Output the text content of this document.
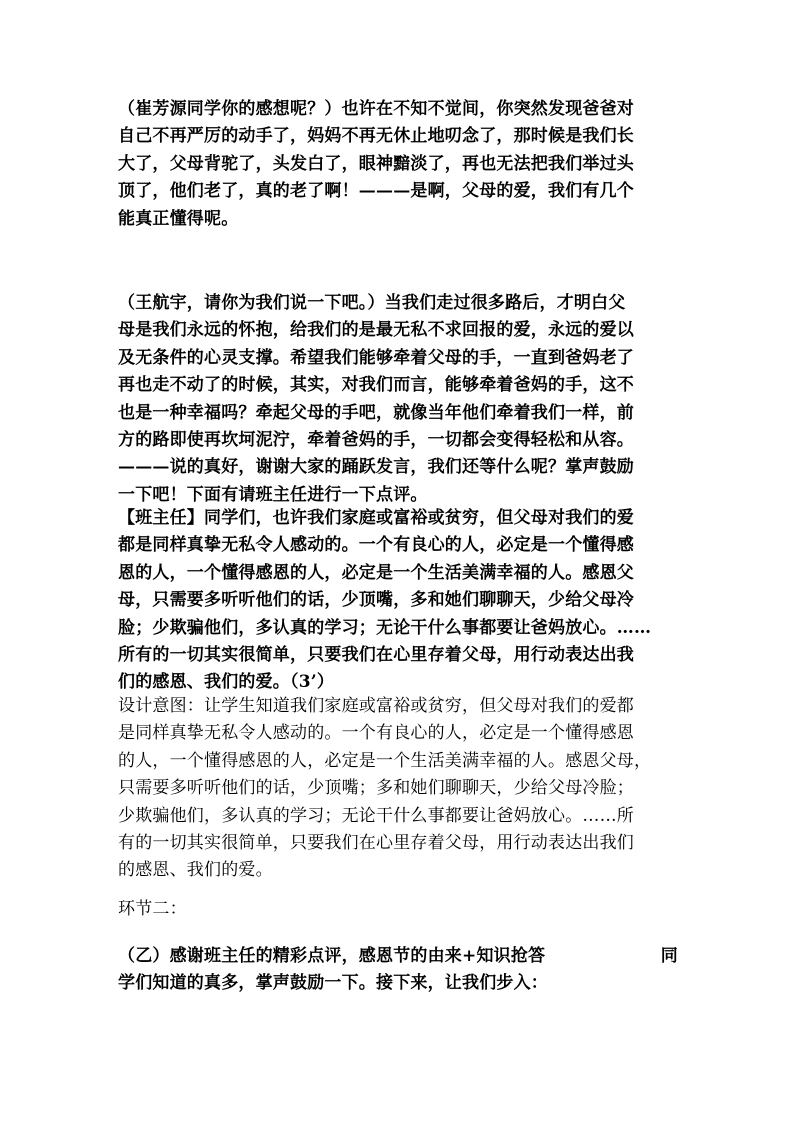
（崔芳源同学你的感想呢？）也许在不知不觉间，你突然发现爸爸对
自己不再严厉的动手了，妈妈不再无休止地叨念了，那时候是我们长
大了，父母背驼了，头发白了，眼神黯淡了，再也无法把我们举过头
顶了，他们老了，真的老了啊！———是啊，父母的爱，我们有几个
能真正懂得呢。
（王航宇，请你为我们说一下吧。）当我们走过很多路后，才明白父
母是我们永远的怀抱，给我们的是最无私不求回报的爱，永远的爱以
及无条件的心灵支撑。希望我们能够牵着父母的手，一直到爸妈老了
再也走不动了的时候，其实，对我们而言，能够牵着爸妈的手，这不
也是一种幸福吗？牵起父母的手吧，就像当年他们牵着我们一样，前
方的路即使再坎坷泥泞，牵着爸妈的手，一切都会变得轻松和从容。
———说的真好，谢谢大家的踊跃发言，我们还等什么呢？掌声鼓励
一下吧！下面有请班主任进行一下点评。
【班主任】同学们，也许我们家庭或富裕或贫穷，但父母对我们的爱
都是同样真挚无私令人感动的。一个有良心的人，必定是一个懂得感
恩的人，一个懂得感恩的人，必定是一个生活美满幸福的人。感恩父
母，只需要多听听他们的话，少顶嘴，多和她们聊聊天，少给父母冷
脸；少欺骗他们，多认真的学习；无论干什么事都要让爸妈放心。……
所有的一切其实很简单，只要我们在心里存着父母，用行动表达出我
们的感恩、我们的爱。（3’）
设计意图：让学生知道我们家庭或富裕或贫穷，但父母对我们的爱都
是同样真挚无私令人感动的。一个有良心的人，必定是一个懂得感恩
的人，一个懂得感恩的人，必定是一个生活美满幸福的人。感恩父母，
只需要多听听他们的话，少顶嘴；多和她们聊聊天，少给父母冷脸；
少欺骗他们，多认真的学习；无论干什么事都要让爸妈放心。……所
有的一切其实很简单，只要我们在心里存着父母，用行动表达出我们
的感恩、我们的爱。
环节二：
（乙）感谢班主任的精彩点评，感恩节的由来+知识抢答	同
学们知道的真多，掌声鼓励一下。接下来，让我们步入：
